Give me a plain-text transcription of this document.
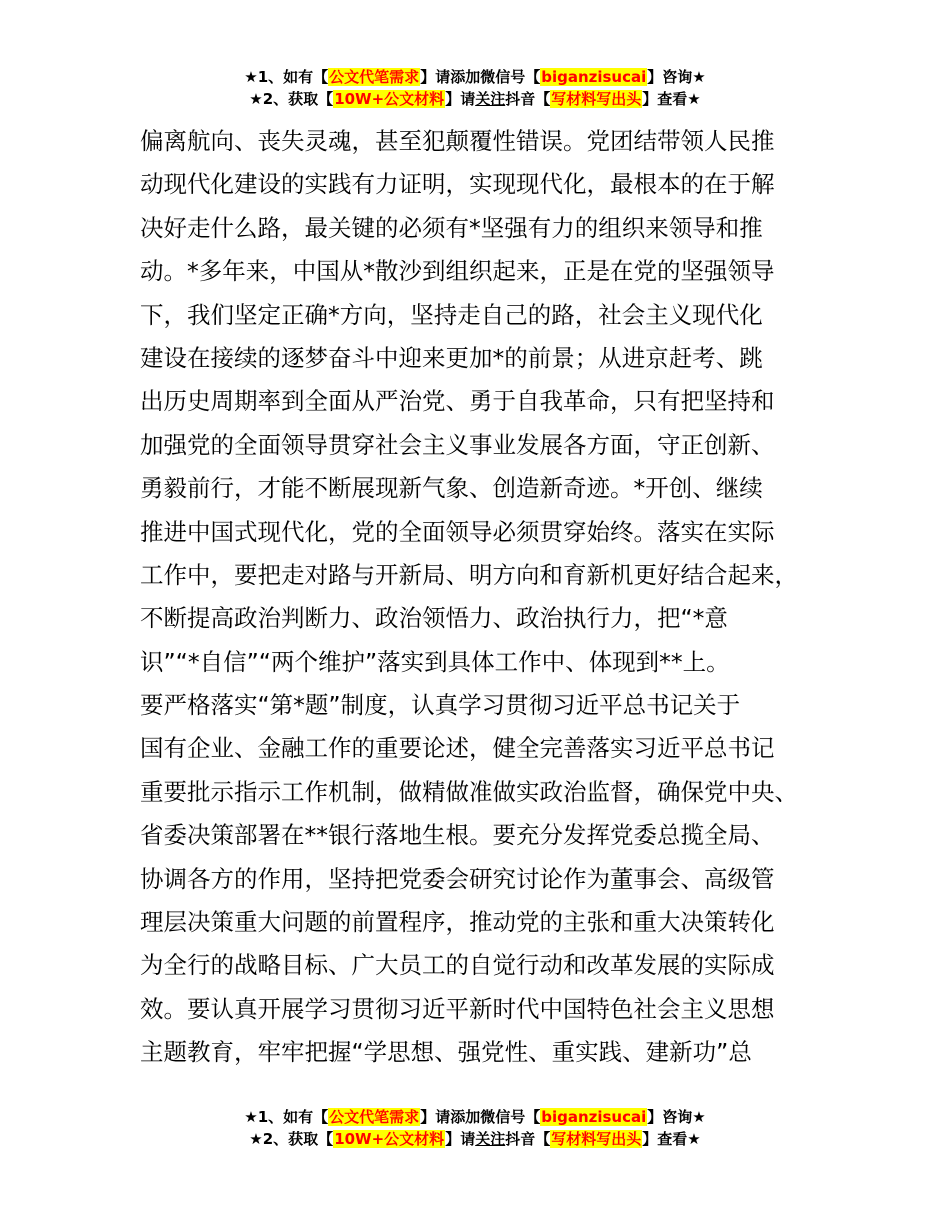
★1、如有【公文代笔需求】请添加微信号【biganzisucai】咨询★
★2、获取【10W+公文材料】请关注抖音【写材料写出头】查看★
偏离航向、丧失灵魂，甚至犯颠覆性错误。党团结带领人民推
动现代化建设的实践有力证明，实现现代化，最根本的在于解
决好走什么路，最关键的必须有*坚强有力的组织来领导和推
动。*多年来，中国从*散沙到组织起来，正是在党的坚强领导
下，我们坚定正确*方向，坚持走自己的路，社会主义现代化
建设在接续的逐梦奋斗中迎来更加*的前景；从进京赶考、跳
出历史周期率到全面从严治党、勇于自我革命，只有把坚持和
加强党的全面领导贯穿社会主义事业发展各方面，守正创新、
勇毅前行，才能不断展现新气象、创造新奇迹。*开创、继续
推进中国式现代化，党的全面领导必须贯穿始终。落实在实际
工作中，要把走对路与开新局、明方向和育新机更好结合起来，
不断提高政治判断力、政治领悟力、政治执行力，把“*意
识”“*自信”“两个维护”落实到具体工作中、体现到**上。
要严格落实“第*题”制度，认真学习贯彻习近平总书记关于
国有企业、金融工作的重要论述，健全完善落实习近平总书记
重要批示指示工作机制，做精做准做实政治监督，确保党中央、
省委决策部署在**银行落地生根。要充分发挥党委总揽全局、
协调各方的作用，坚持把党委会研究讨论作为董事会、高级管
理层决策重大问题的前置程序，推动党的主张和重大决策转化
为全行的战略目标、广大员工的自觉行动和改革发展的实际成
效。要认真开展学习贯彻习近平新时代中国特色社会主义思想
主题教育，牢牢把握“学思想、强党性、重实践、建新功”总
★1、如有【公文代笔需求】请添加微信号【biganzisucai】咨询★
★2、获取【10W+公文材料】请关注抖音【写材料写出头】查看★
